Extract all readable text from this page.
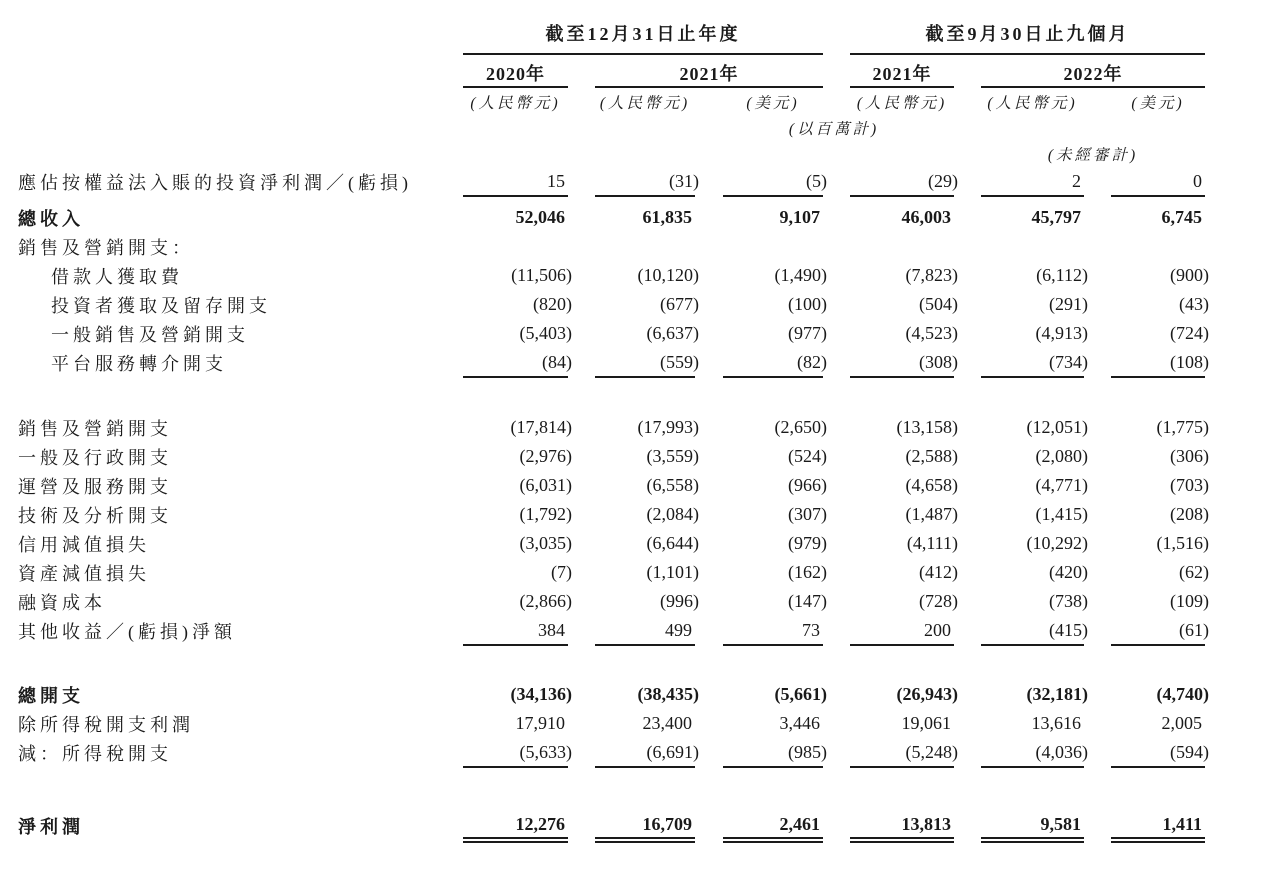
	截至12月31日止年度						截至9月30日止九個月				
	2020年		2021年				2021年		2022年		
	(人民幣元)		(人民幣元)		(美元)		(人民幣元)		(人民幣元)		(美元)
	(以百萬計)										
									(未經審計)		
應佔按權益法入賬的投資淨利潤／(虧損)	15		(31)		(5)		(29)		2		0

總收入	52,046		61,835		9,107		46,003		45,797		6,745
銷售及營銷開支：											
借款人獲取費	(11,506)		(10,120)		(1,490)		(7,823)		(6,112)		(900)
投資者獲取及留存開支	(820)		(677)		(100)		(504)		(291)		(43)
一般銷售及營銷開支	(5,403)		(6,637)		(977)		(4,523)		(4,913)		(724)
平台服務轉介開支	(84)		(559)		(82)		(308)		(734)		(108)

銷售及營銷開支	(17,814)		(17,993)		(2,650)		(13,158)		(12,051)		(1,775)
一般及行政開支	(2,976)		(3,559)		(524)		(2,588)		(2,080)		(306)
運營及服務開支	(6,031)		(6,558)		(966)		(4,658)		(4,771)		(703)
技術及分析開支	(1,792)		(2,084)		(307)		(1,487)		(1,415)		(208)
信用減值損失	(3,035)		(6,644)		(979)		(4,111)		(10,292)		(1,516)
資產減值損失	(7)		(1,101)		(162)		(412)		(420)		(62)
融資成本	(2,866)		(996)		(147)		(728)		(738)		(109)
其他收益／(虧損)淨額	384		499		73		200		(415)		(61)

總開支	(34,136)		(38,435)		(5,661)		(26,943)		(32,181)		(4,740)
除所得稅開支利潤	17,910		23,400		3,446		19,061		13,616		2,005
減：所得稅開支	(5,633)		(6,691)		(985)		(5,248)		(4,036)		(594)

淨利潤	12,276		16,709		2,461		13,813		9,581		1,411
